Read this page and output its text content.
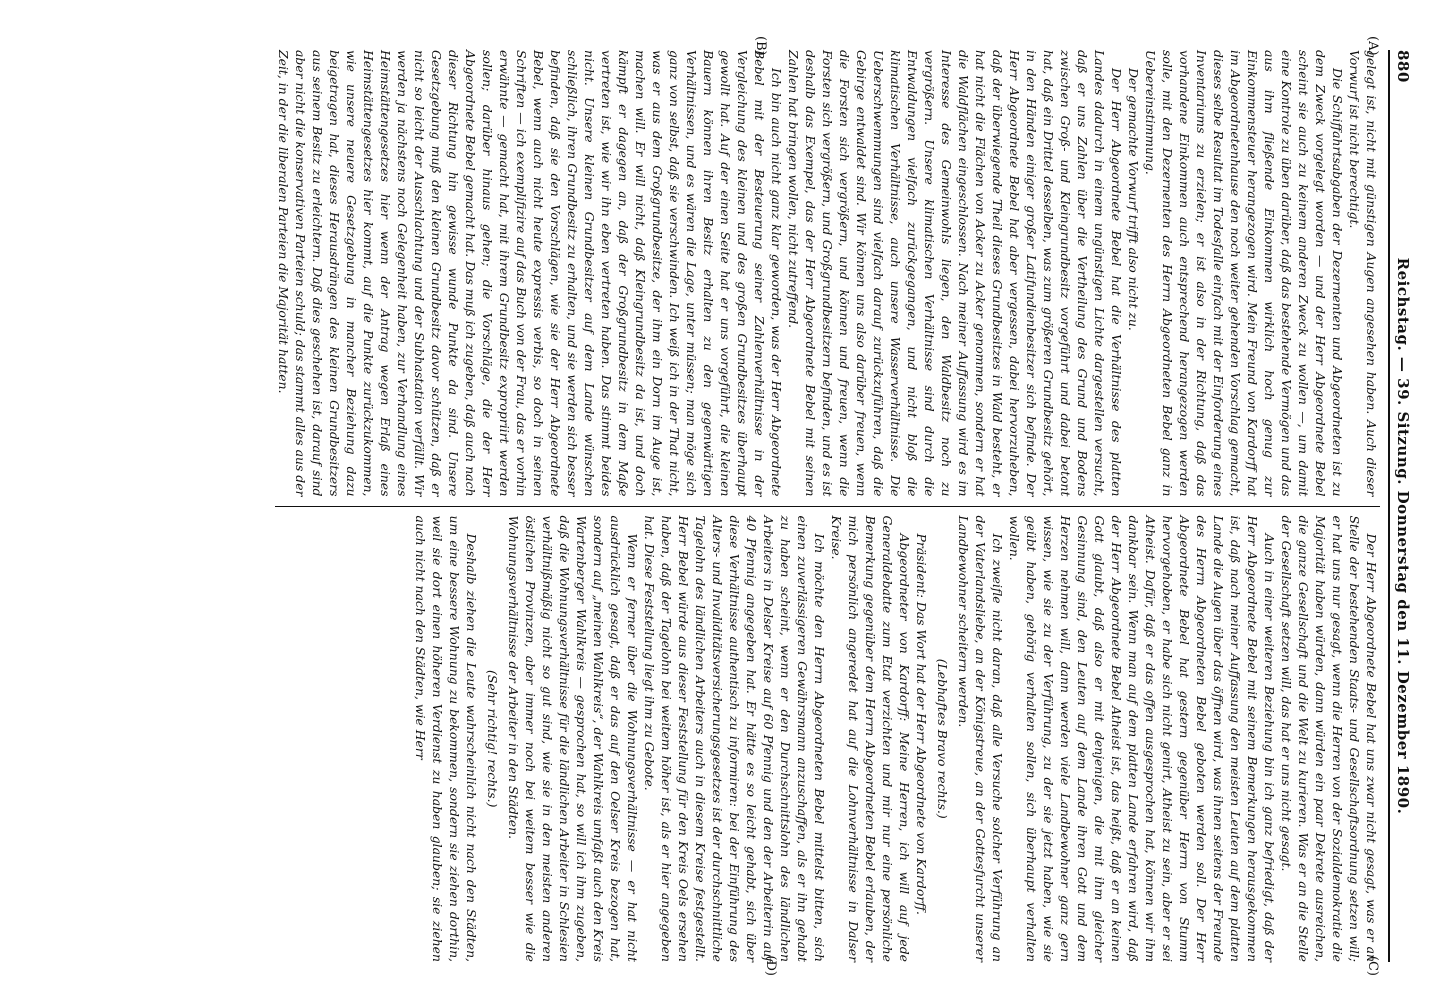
880
Reichstag. — 39. Sitzung. Donnerstag den 11. Dezember 1890.
(A)
(B)

gelegt ist, nicht mit günstigen Augen angesehen haben. Auch dieser Vorwurf ist nicht berechtigt.

Die Schiffahrtsabgaben der Dezernenten und Abgeordneten ist zu dem Zweck vorgelegt worden — und der Herr Abgeordnete Bebel scheint sie auch zu keinem anderen Zweck zu wollen —, um damit eine Kontrole zu üben darüber, daß das bestehende Vermögen und das aus ihm fließende Einkommen wirklich hoch genug zur Einkommensteuer herangezogen wird. Mein Freund von Kardorff hat im Abgeordnetenhause den noch weiter gehenden Vorschlag gemacht, dieses selbe Resultat im Todesfalle einfach mit der Einforderung eines Inventariums zu erzielen; er ist also in der Richtung, daß das vorhandene Einkommen auch entsprechend herangezogen werden solle, mit den Dezernenten des Herrn Abgeordneten Bebel ganz in Uebereinstimmung.

Der gemachte Vorwurf trifft also nicht zu.

Der Herr Abgeordnete Bebel hat die Verhältnisse des platten Landes dadurch in einem ungünstigen Lichte dargestellen versucht, daß er uns Zahlen über die Vertheilung des Grund und Bodens zwischen Groß- und Kleingrundbesitz vorgeführt und dabei betont hat, daß ein Drittel desselben, was zum größeren Grundbesitz gehört, in den Händen einiger großer Latifundienbesitzer sich befinde. Der Herr Abgeordnete Bebel hat aber vergessen, dabei hervorzuheben, daß der überwiegende Theil dieses Grundbesitzes in Wald besteht, er hat nicht die Flächen von Acker zu Acker genommen, sondern er hat die Waldflächen eingeschlossen. Nach meiner Auffassung wird es im Interesse des Gemeinwohls liegen, den Waldbesitz noch zu vergrößern. Unsere klimatischen Verhältnisse sind durch die Entwaldungen vielfach zurückgegangen, und nicht bloß die klimatischen Verhältnisse, auch unsere Wasserverhältnisse. Die Ueberschwemmungen sind vielfach darauf zurückzuführen, daß die Gebirge entwaldet sind. Wir können uns also darüber freuen, wenn die Forsten sich vergrößern, und können und freuen, wenn die Forsten sich vergrößern, und Großgrundbesitzern befinden, und es ist deshalb das Exempel, das der Herr Abgeordnete Bebel mit seinen Zahlen hat bringen wollen, nicht zutreffend.

Ich bin auch nicht ganz klar geworden, was der Herr Abgeordnete Bebel mit der Besteuerung seiner Zahlenverhältnisse in der Vergleichung des kleinen und des großen Grundbesitzes überhaupt gewollt hat. Auf der einen Seite hat er uns vorgeführt, die kleinen Bauern können ihren Besitz erhalten zu den gegenwärtigen Verhältnissen, und es wären die Lage, unter müssen; man möge sich ganz von selbst, daß sie verschwinden. Ich weiß ich in der That nicht, was er aus dem Großgrundbesitze, der ihm ein Dorn im Auge ist, machen will. Er will nicht, daß Kleingrundbesitz da ist, und doch kämpft er dagegen an, daß der Großgrundbesitz in dem Maße vertreten ist, wie wir ihn eben vertreten haben. Das stimmt beides nicht. Unsere kleinen Grundbesitzer auf dem Lande wünschen schließlich, ihren Grundbesitz zu erhalten, und sie werden sich besser befinden, daß sie den Vorschlägen, wie sie der Herr Abgeordnete Bebel, wenn auch nicht heute expressis verbis, so doch in seinen Schriften — ich exemplifizire auf das Buch von der Frau, das er vorhin erwähnte — gemacht hat, mit ihrem Grundbesitz expropriirt werden sollen; darüber hinaus gehen; die Vorschläge, die der Herr Abgeordnete Bebel gemacht hat. Das muß ich zugeben, daß auch nach dieser Richtung hin gewisse wunde Punkte da sind. Unsere Gesetzgebung muß den kleinen Grundbesitz davor schützen, daß er nicht so leicht der Ausschlachtung und der Subhastation verfällt. Wir werden ja nächstens noch Gelegenheit haben, zur Verhandlung eines Heimstättengesetzes hier wenn der Antrag wegen Erlaß eines Heimstättengesetzes hier kommt, auf die Punkte zurückzukommen, wie unsere neuere Gesetzgebung in mancher Beziehung dazu beigetragen hat, dieses Herausdrängen des kleinen Grundbesitzers aus seinem Besitz zu erleichtern. Daß dies geschehen ist, darauf sind aber nicht die konservativen Parteien schuld; das stammt alles aus der Zeit, in der die liberalen Parteien die Majorität hatten.

Der Herr Abgeordnete Bebel hat uns zwar nicht gesagt, was er an Stelle der bestehenden Staats- und Gesellschaftsordnung setzen will; er hat uns nur gesagt, wenn die Herren von der Sozialdemokratie die Majorität haben würden, dann würden ein paar Dekrete ausreichen, die ganze Gesellschaft und die Welt zu kurieren. Was er an die Stelle der Gesellschaft setzen will, das hat er uns nicht gesagt.

Auch in einer weiteren Beziehung bin ich ganz befriedigt, daß der Herr Abgeordnete Bebel mit seinem Bemerkungen herausgekommen ist, daß nach meiner Auffassung den meisten Leuten auf dem platten Lande die Augen über das öffnen wird, was ihnen seitens der Freunde des Herrn Abgeordneten Bebel geboten werden soll. Der Herr Abgeordnete Bebel hat gestern gegenüber Herrn von Stumm hervorgehoben, er habe sich nicht genirt, Atheist zu sein, aber er sei Atheist. Dafür, daß er das offen ausgesprochen hat, können wir ihm dankbar sein. Wenn man auf dem platten Lande erfahren wird, daß der Herr Abgeordnete Bebel Atheist ist, das heißt, daß er an keinen Gott glaubt, daß also er mit denjenigen, die mit ihm gleicher Gesinnung sind, den Leuten auf dem Lande ihren Gott und dem Herzen nehmen will, dann werden viele Landbewohner ganz gern wissen, wie sie zu der Verführung, zu der sie jetzt haben, wie sie geübt haben, gehörig verhalten sollen, sich überhaupt verhalten wollen.

Ich zweifle nicht daran, daß alle Versuche solcher Verführung an der Vaterlandsliebe, an der Königstreue, an der Gottesfurcht unserer Landbewohner scheitern werden.

(Lebhaftes Bravo rechts.)

Präsident: Das Wort hat der Herr Abgeordnete von Kardorff.

Abgeordneter von Kardorff: Meine Herren, ich will auf jede Generaldebatte zum Etat verzichten und mir nur eine persönliche Bemerkung gegenüber dem Herrn Abgeordneten Bebel erlauben, der mich persönlich angeredet hat auf die Lohnverhältnisse in Dalser Kreise.

Ich möchte den Herrn Abgeordneten Bebel mittelst bitten, sich einen zuverlässigeren Gewährsmann anzuschaffen, als er ihn gehabt zu haben scheint, wenn er den Durchschnittslohn des ländlichen Arbeiters in Delser Kreise auf 60 Pfennig und den der Arbeiterin auf 40 Pfennig angegeben hat. Er hätte es so leicht gehabt, sich über diese Verhältnisse authentisch zu informiren: bei der Einführung des Alters- und Invaliditätsversicherungsgesetzes ist der durchschnittliche Tagelohn des ländlichen Arbeiters auch in diesem Kreise festgestellt. Herr Bebel würde aus dieser Feststellung für den Kreis Oels ersehen haben, daß der Tagelohn bei weitem höher ist, als er hier angegeben hat. Diese Feststellung liegt ihm zu Gebote.

Wenn er ferner über die Wohnungsverhältnisse — er hat nicht ausdrücklich gesagt, daß er das auf den Oelser Kreis bezogen hat, sondern auf „meinen Wahlkreis“, der Wahlkreis umfaßt auch den Kreis Wartenberger Wahlkreis — gesprochen hat, so will ich ihm zugeben, daß die Wohnungsverhältnisse für die ländlichen Arbeiter in Schlesien verhältnißmäßig nicht so gut sind, wie sie in den meisten anderen östlichen Provinzen, aber immer noch bei weitem besser wie die Wohnungsverhältnisse der Arbeiter in den Städten.

(Sehr richtig! rechts.)

Deshalb ziehen die Leute wahrscheinlich nicht nach den Städten, um eine bessere Wohnung zu bekommen, sondern sie ziehen dorthin, weil sie dort einen höheren Verdienst zu haben glauben; sie ziehen auch nicht nach den Städten, wie Herr

(C)
(D)
